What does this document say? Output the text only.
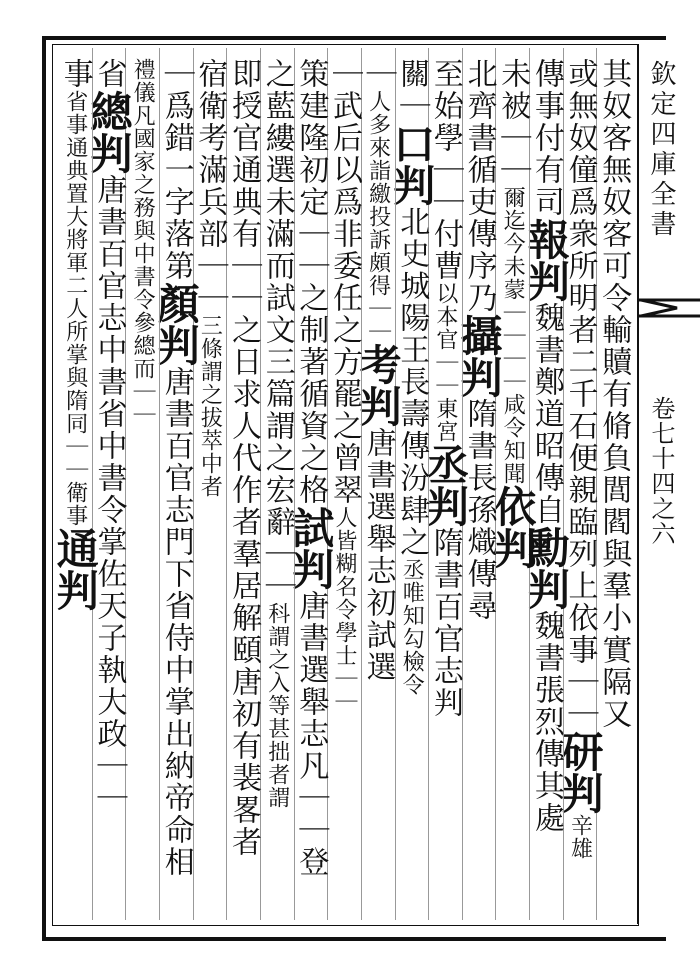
欽定四庫全書
卷七十四之六
其奴客無奴客可令輸贖有脩負閭閻與羣小實隔又
或無奴僮爲衆所明者二千石便親臨列上依事｜｜研判辛雄
傳事付有司報判魏書鄭道昭傳自勳判魏書張烈傳其處
未被｜｜爾迄今未蒙｜｜｜｜咸令知聞依判
北齊書循吏傳序乃攝判隋書長孫熾傳尋
至始學｜｜付曹以本官｜｜東宮丞判隋書百官志判
關｜口判北史城陽王長壽傳汾肆之丞唯知勾檢令
｜人多來詣繳投訴頗得｜｜考判唐書選舉志初試選
｜武后以爲非委任之方罷之曾翠人皆糊名令學士｜｜
策建隆初定｜｜之制著循資之格試判唐書選舉志凡｜｜登
之藍縷選未滿而試文三篇謂之宏辭｜｜科謂之入等甚拙者謂
即授官通典有｜｜之日求人代作者羣居解頤唐初有裴畧者
宿衛考滿兵部｜｜三條謂之拔萃中者
｜爲錯一字落第顏判唐書百官志門下省侍中掌出納帝命相
禮儀凡國家之務與中書令參總而｜｜
省總判唐書百官志中書省中書令掌佐天子執大政｜｜
事省事通典置大將軍二人所掌與隋同｜｜衛事通判
